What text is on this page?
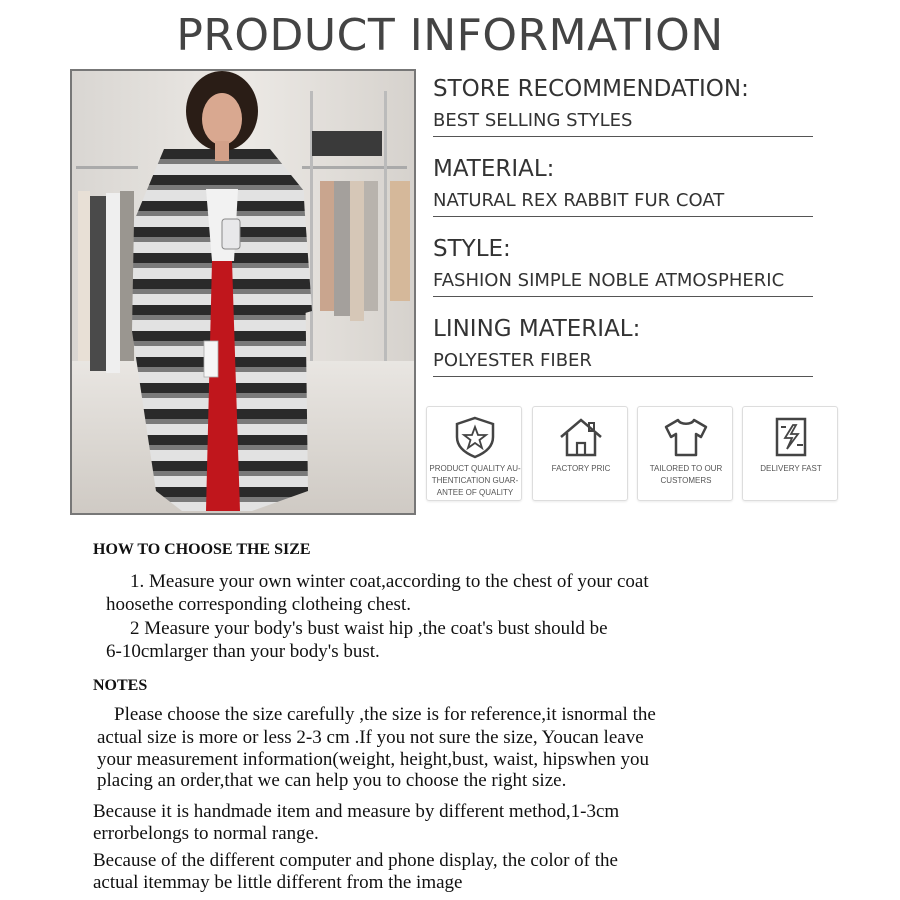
PRODUCT INFORMATION
STORE RECOMMENDATION:
BEST SELLING STYLES
MATERIAL:
NATURAL REX RABBIT FUR COAT
STYLE:
FASHION SIMPLE NOBLE ATMOSPHERIC
LINING MATERIAL:
POLYESTER FIBER
PRODUCT QUALITY AU-
THENTICATION GUAR-
ANTEE OF QUALITY
FACTORY PRIC	TAILORED TO OUR
CUSTOMERS
DELIVERY FAST
HOW TO CHOOSE THE SIZE
1. Measure your own winter coat,according to the chest of your coat
hoosethe corresponding clotheing chest.
2 Measure your body's bust waist hip ,the coat's bust should be
6-10cmlarger than your body's bust.
NOTES
Please choose the size carefully ,the size is for reference,it isnormal the
actual size is more or less 2-3 cm .If you not sure the size, Youcan leave
your measurement information(weight, height,bust, waist, hipswhen you
placing an order,that we can help you to choose the right size.
Because it is handmade item and measure by different method,1-3cm
errorbelongs to normal range.
Because of the different computer and phone display, the color of the
actual itemmay be little different from the image
